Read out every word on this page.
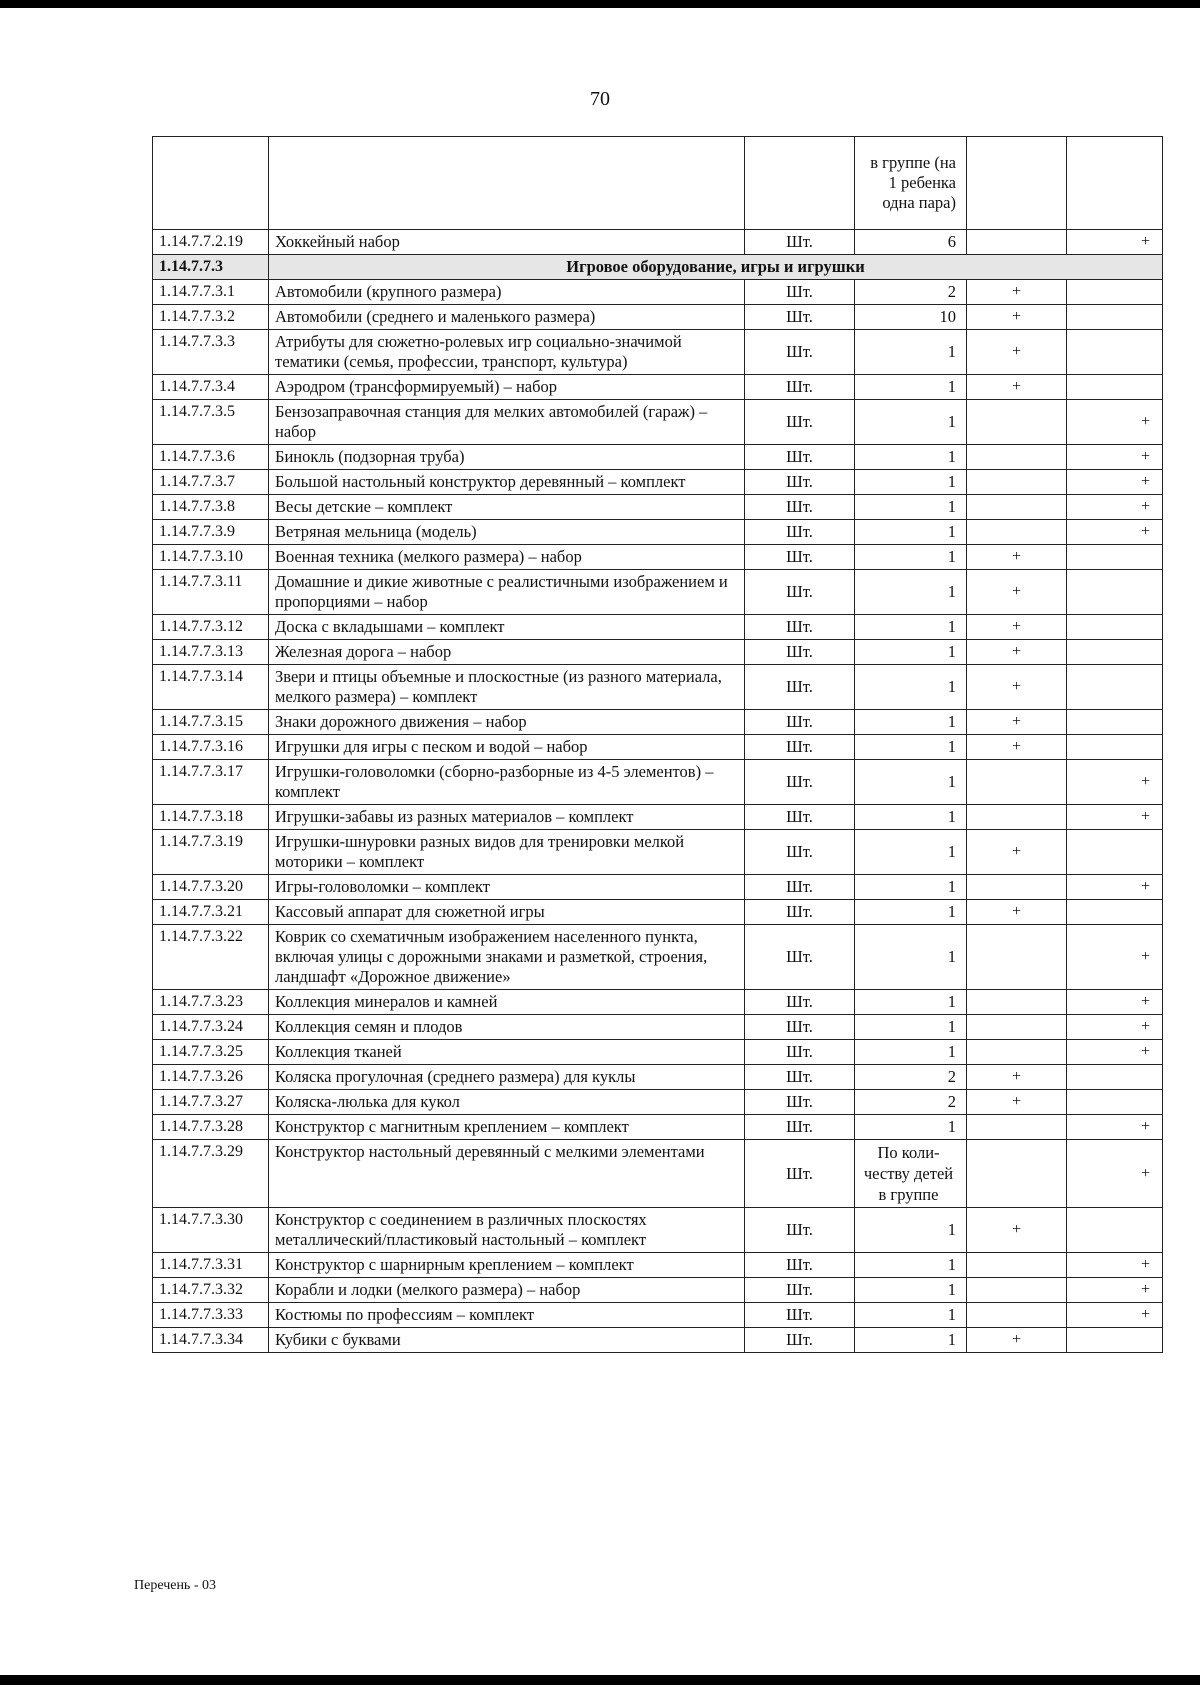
70
			в группе (на 1 ребенка одна пара)		
1.14.7.7.2.19	Хоккейный набор	Шт.	6		+
1.14.7.7.3	Игровое оборудование, игры и игрушки				
1.14.7.7.3.1	Автомобили (крупного размера)	Шт.	2	+	
1.14.7.7.3.2	Автомобили (среднего и маленького размера)	Шт.	10	+	
1.14.7.7.3.3	Атрибуты для сюжетно-ролевых игр социально-значимой тематики (семья, профессии, транспорт, культура)	Шт.	1	+	
1.14.7.7.3.4	Аэродром (трансформируемый) – набор	Шт.	1	+	
1.14.7.7.3.5	Бензозаправочная станция для мелких автомобилей (гараж) – набор	Шт.	1		+
1.14.7.7.3.6	Бинокль (подзорная труба)	Шт.	1		+
1.14.7.7.3.7	Большой настольный конструктор деревянный – комплект	Шт.	1		+
1.14.7.7.3.8	Весы детские – комплект	Шт.	1		+
1.14.7.7.3.9	Ветряная мельница (модель)	Шт.	1		+
1.14.7.7.3.10	Военная техника (мелкого размера) – набор	Шт.	1	+	
1.14.7.7.3.11	Домашние и дикие животные с реалистичными изображением и пропорциями – набор	Шт.	1	+	
1.14.7.7.3.12	Доска с вкладышами – комплект	Шт.	1	+	
1.14.7.7.3.13	Железная дорога – набор	Шт.	1	+	
1.14.7.7.3.14	Звери и птицы объемные и плоскостные (из разного материала, мелкого размера) – комплект	Шт.	1	+	
1.14.7.7.3.15	Знаки дорожного движения – набор	Шт.	1	+	
1.14.7.7.3.16	Игрушки для игры с песком и водой – набор	Шт.	1	+	
1.14.7.7.3.17	Игрушки-головоломки (сборно-разборные из 4-5 элементов) – комплект	Шт.	1		+
1.14.7.7.3.18	Игрушки-забавы из разных материалов – комплект	Шт.	1		+
1.14.7.7.3.19	Игрушки-шнуровки разных видов для тренировки мелкой моторики – комплект	Шт.	1	+	
1.14.7.7.3.20	Игры-головоломки – комплект	Шт.	1		+
1.14.7.7.3.21	Кассовый аппарат для сюжетной игры	Шт.	1	+	
1.14.7.7.3.22	Коврик со схематичным изображением населенного пункта, включая улицы с дорожными знаками и разметкой, строения, ландшафт «Дорожное движение»	Шт.	1		+
1.14.7.7.3.23	Коллекция минералов и камней	Шт.	1		+
1.14.7.7.3.24	Коллекция семян и плодов	Шт.	1		+
1.14.7.7.3.25	Коллекция тканей	Шт.	1		+
1.14.7.7.3.26	Коляска прогулочная (среднего размера) для куклы	Шт.	2	+	
1.14.7.7.3.27	Коляска-люлька для кукол	Шт.	2	+	
1.14.7.7.3.28	Конструктор с магнитным креплением – комплект	Шт.	1		+
1.14.7.7.3.29	Конструктор настольный деревянный с мелкими элементами	Шт.	По коли-честву детей в группе		+
1.14.7.7.3.30	Конструктор с соединением в различных плоскостях металлический/пластиковый настольный – комплект	Шт.	1	+	
1.14.7.7.3.31	Конструктор с шарнирным креплением – комплект	Шт.	1		+
1.14.7.7.3.32	Корабли и лодки (мелкого размера) – набор	Шт.	1		+
1.14.7.7.3.33	Костюмы по профессиям – комплект	Шт.	1		+
1.14.7.7.3.34	Кубики с буквами	Шт.	1	+	
Перечень - 03
